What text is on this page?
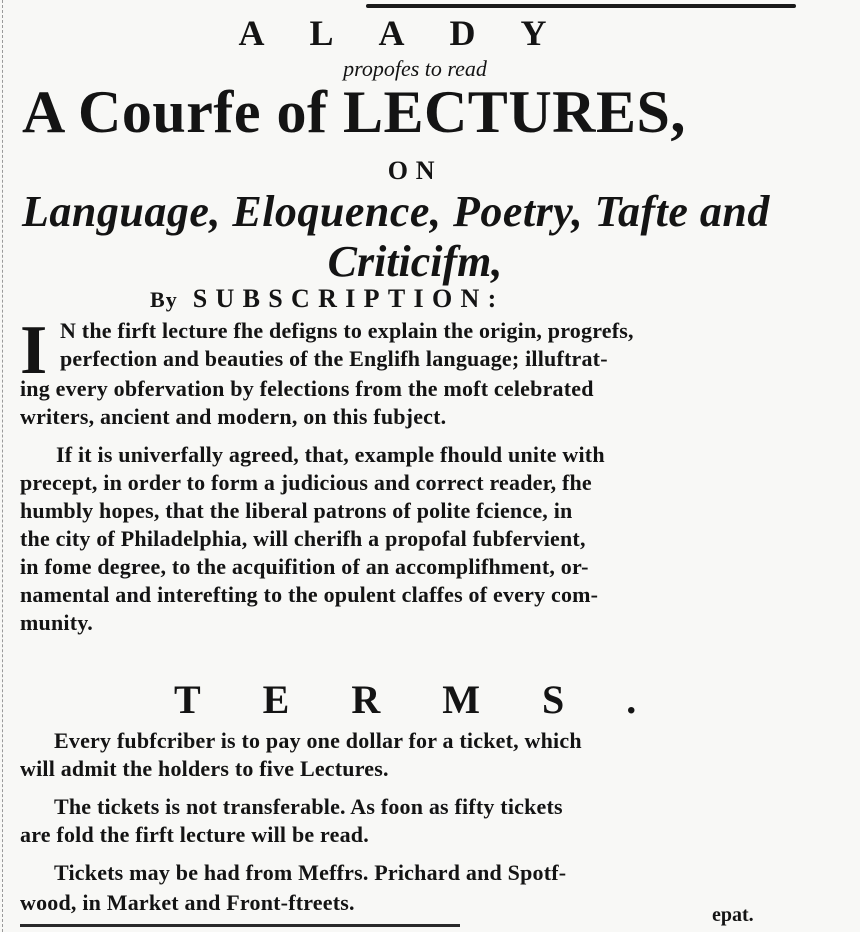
ALADY
propofes to read
A Courfe of LECTURES,
ON
Language, Eloquence, Poetry, Tafte and
Criticifm,
By SUBSCRIPTION:
I N the firft lecture fhe defigns to explain the origin, progrefs,
perfection and beauties of the Englifh language; illuftrat-
ing every obfervation by felections from the moft celebrated
writers, ancient and modern, on this fubject.
If it is univerfally agreed, that, example fhould unite with
precept, in order to form a judicious and correct reader, fhe
humbly hopes, that the liberal patrons of polite fcience, in
the city of Philadelphia, will cherifh a propofal fubfervient,
in fome degree, to the acquifition of an accomplifhment, or-
namental and interefting to the opulent claffes of every com-
munity.
TERMS.
Every fubfcriber is to pay one dollar for a ticket, which
will admit the holders to five Lectures.
The tickets is not transferable. As foon as fifty tickets
are fold the firft lecture will be read.
Tickets may be had from Meffrs. Prichard and Spotf-
wood, in Market and Front-ftreets.	epat.
